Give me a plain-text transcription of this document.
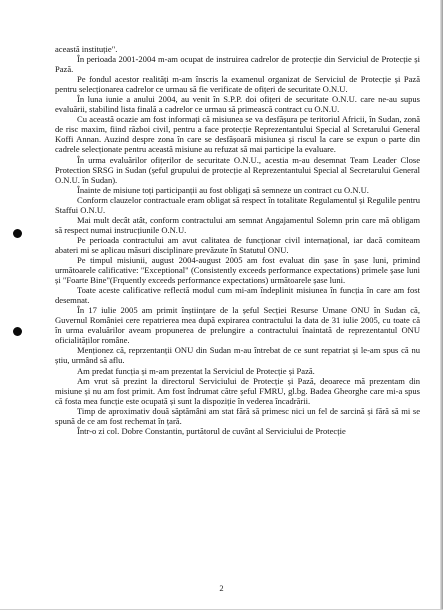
această instituție".

În perioada 2001-2004 m-am ocupat de instruirea cadrelor de protecție din Serviciul de Protecție și Pază.

Pe fondul acestor realități m-am înscris la examenul organizat de Serviciul de Protecție și Pază pentru selecționarea cadrelor ce urmau să fie verificate de ofițeri de securitate O.N.U.

În luna iunie a anului 2004, au venit în S.P.P. doi ofițeri de securitate O.N.U. care ne-au supus evaluării, stabilind lista finală a cadrelor ce urmau să primească contract cu O.N.U.

Cu această ocazie am fost informați că misiunea se va desfășura pe teritoriul Africii, în Sudan, zonă de risc maxim, fiind război civil, pentru a face protecție Reprezentantului Special al Scretarului General Koffi Annan. Auzind despre zona în care se desfășoară misiunea și riscul la care se expun o parte din cadrele selecționate pentru această misiune au refuzat să mai participe la evaluare.

În urma evaluărilor ofițerilor de securitate O.N.U., acestia m-au desemnat Team Leader Close Protection SRSG in Sudan (șeful grupului de protecție al Reprezentantului Special al Secretarului General O.N.U. în Sudan).

Înainte de misiune toți participanții au fost obligați să semneze un contract cu O.N.U.

Conform clauzelor contractuale eram obligat să respect în totalitate Regulamentul și Regulile pentru Staffui O.N.U.

Mai mult decât atât, conform contractului am semnat Angajamentul Solemn prin care mă obligam să respect numai instrucțiunile O.N.U.

Pe perioada contractului am avut calitatea de funcționar civil internațional, iar dacă comiteam abateri mi se aplicau măsuri disciplinare prevăzute în Statutul ONU.

Pe timpul misiunii, august 2004-august 2005 am fost evaluat din șase în șase luni, primind următoarele calificative: "Exceptional" (Consistently exceeds performance expectations) primele șase luni și "Foarte Bine"(Frquently exceeds performance expectations) următoarele șase luni.

Toate aceste calificative reflectă modul cum mi-am îndeplinit misiunea în funcția în care am fost desemnat.

În 17 iulie 2005 am primit înștiințare de la șeful Secției Resurse Umane ONU în Sudan că, Guvernul României cere repatrierea mea după expirarea contractului la data de 31 iulie 2005, cu toate că în urma evaluărilor aveam propunerea de prelungire a contractului înaintată de reprezentantul ONU oficialităților române.

Menționez că, reprzentanții ONU din Sudan m-au întrebat de ce sunt repatriat și le-am spus că nu știu, urmând să aflu.

Am predat funcția și m-am prezentat la Serviciul de Protecție și Pază.

Am vrut să prezint la directorul Serviciului de Protecție și Pază, deoarece mă prezentam din misiune și nu am fost primit. Am fost îndrumat către șeful FMRU, gl.bg. Badea Gheorghe care mi-a spus că fosta mea funcție este ocupată și sunt la dispoziție în vederea încadrării.

Timp de aproximativ două săptămâni am stat fără să primesc nici un fel de sarcină și fără să mi se spună de ce am fost rechemat în țară.

Într-o zi col. Dobre Constantin, purtătorul de cuvânt al Serviciului de Protecție

2
